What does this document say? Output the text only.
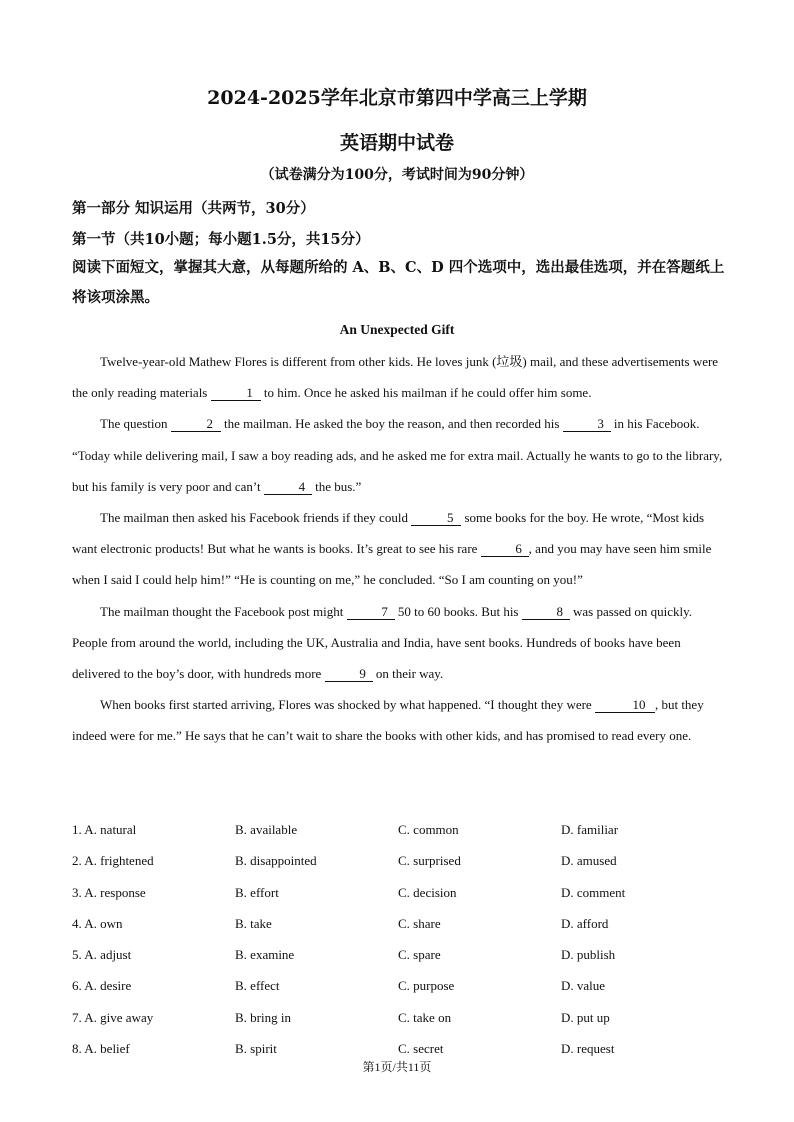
2024-2025学年北京市第四中学高三上学期
英语期中试卷
（试卷满分为100分，考试时间为90分钟）
第一部分 知识运用（共两节，30分）
第一节（共10小题；每小题1.5分，共15分）
阅读下面短文，掌握其大意，从每题所给的 A、B、C、D 四个选项中，选出最佳选项，并在答题纸上将该项涂黑。
An Unexpected Gift

Twelve-year-old Mathew Flores is different from other kids. He loves junk (垃圾) mail, and these advertisements were the only reading materials	1 to him. Once he asked his mailman if he could offer him some.

The question	2 the mailman. He asked the boy the reason, and then recorded his	3 in his Facebook. “Today while delivering mail, I saw a boy reading ads, and he asked me for extra mail. Actually he wants to go to the library, but his family is very poor and can’t	4 the bus.”

The mailman then asked his Facebook friends if they could	5 some books for the boy. He wrote, “Most kids want electronic products! But what he wants is books. It’s great to see his rare	6 , and you may have seen him smile when I said I could help him!” “He is counting on me,” he concluded. “So I am counting on you!”

The mailman thought the Facebook post might	7 50 to 60 books. But his	8 was passed on quickly. People from around the world, including the UK, Australia and India, have sent books. Hundreds of books have been delivered to the boy’s door, with hundreds more	9 on their way.

When books first started arriving, Flores was shocked by what happened. “I thought they were	10 , but they indeed were for me.” He says that he can’t wait to share the books with other kids, and has promised to read every one.

1. A. natural	B. available	C. common	D. familiar
2. A. frightened	B. disappointed	C. surprised	D. amused
3. A. response	B. effort	C. decision	D. comment
4. A. own	B. take	C. share	D. afford
5. A. adjust	B. examine	C. spare	D. publish
6. A. desire	B. effect	C. purpose	D. value
7. A. give away	B. bring in	C. take on	D. put up
8. A. belief	B. spirit	C. secret	D. request
第1页/共11页
